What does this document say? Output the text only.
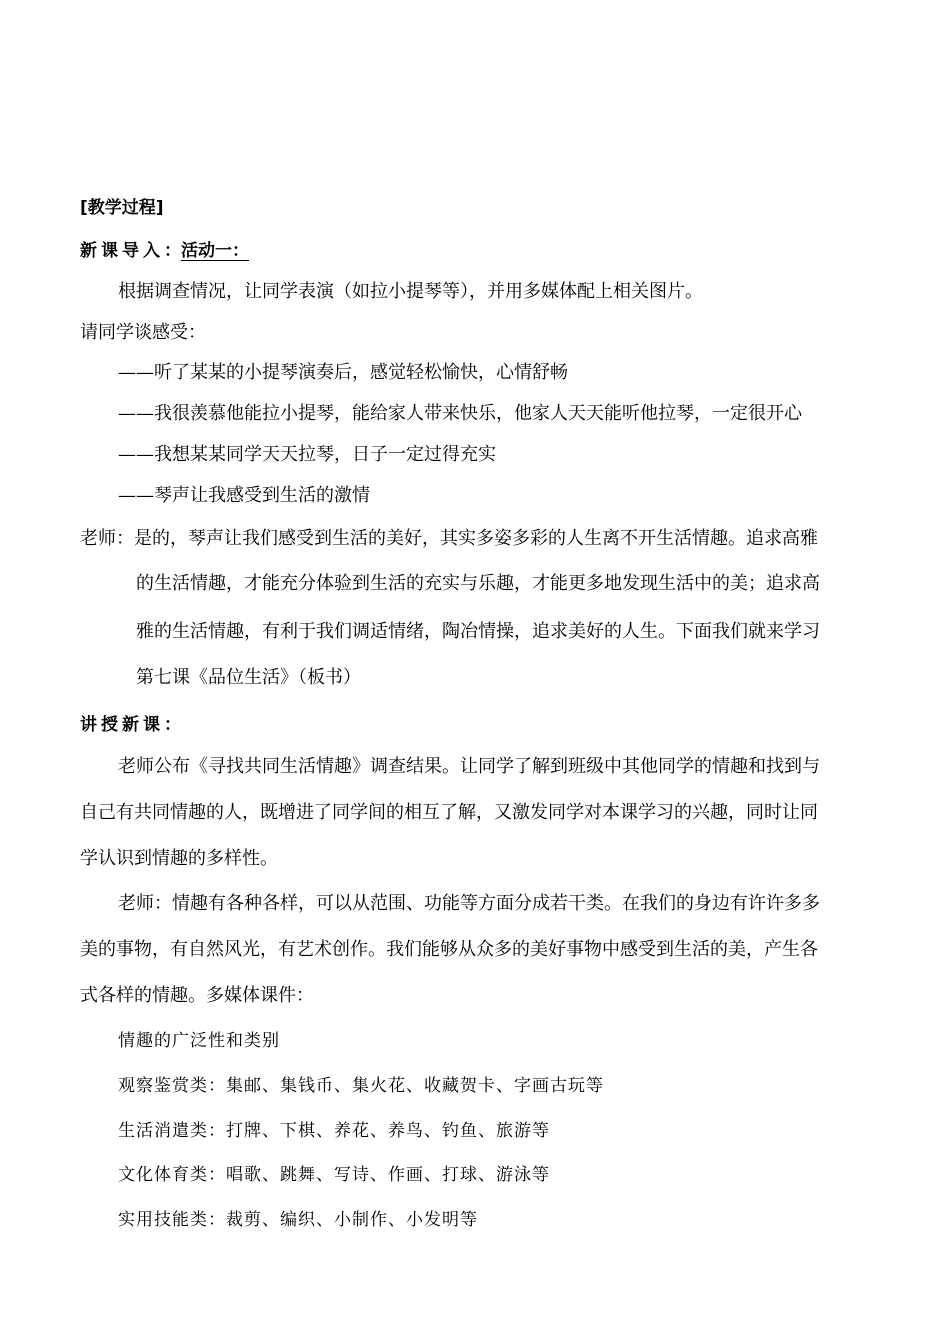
[教学过程]
新课导入：活动一：
根据调查情况，让同学表演（如拉小提琴等），并用多媒体配上相关图片。
请同学谈感受：
——听了某某的小提琴演奏后，感觉轻松愉快，心情舒畅
——我很羡慕他能拉小提琴，能给家人带来快乐，他家人天天能听他拉琴，一定很开心
——我想某某同学天天拉琴，日子一定过得充实
——琴声让我感受到生活的激情
老师：是的，琴声让我们感受到生活的美好，其实多姿多彩的人生离不开生活情趣。追求高雅
的生活情趣，才能充分体验到生活的充实与乐趣，才能更多地发现生活中的美；追求高
雅的生活情趣，有利于我们调适情绪，陶冶情操，追求美好的人生。下面我们就来学习
第七课《品位生活》（板书）
讲授新课：
老师公布《寻找共同生活情趣》调查结果。让同学了解到班级中其他同学的情趣和找到与
自己有共同情趣的人，既增进了同学间的相互了解，又激发同学对本课学习的兴趣，同时让同
学认识到情趣的多样性。
老师：情趣有各种各样，可以从范围、功能等方面分成若干类。在我们的身边有许许多多
美的事物，有自然风光，有艺术创作。我们能够从众多的美好事物中感受到生活的美，产生各
式各样的情趣。多媒体课件：
情趣的广泛性和类别
观察鉴赏类：集邮、集钱币、集火花、收藏贺卡、字画古玩等
生活消遣类：打牌、下棋、养花、养鸟、钓鱼、旅游等
文化体育类：唱歌、跳舞、写诗、作画、打球、游泳等
实用技能类：裁剪、编织、小制作、小发明等
